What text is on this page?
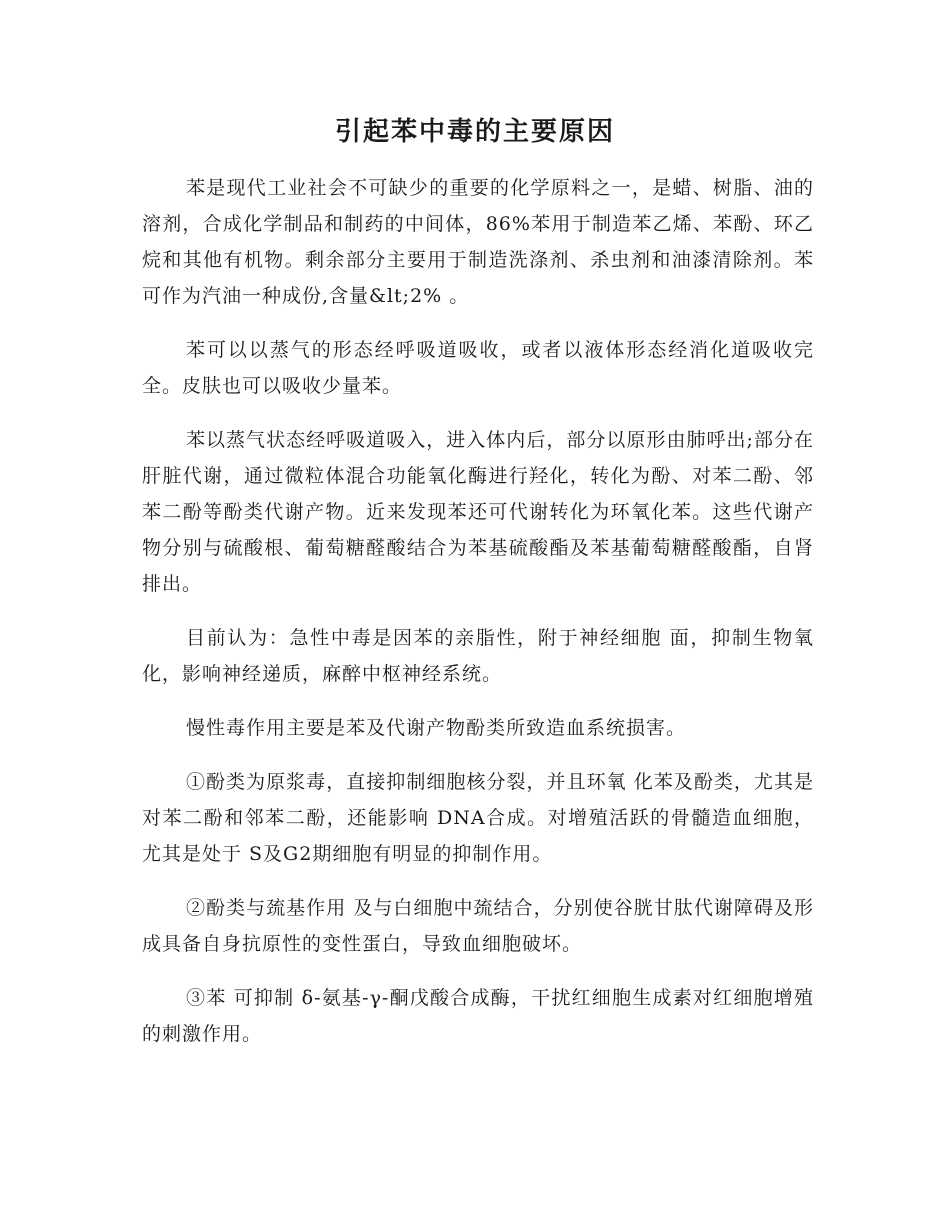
引起苯中毒的主要原因

苯是现代工业社会不可缺少的重要的化学原料之一，是蜡、树脂、油的溶剂，合成化学制品和制药的中间体，86%苯用于制造苯乙烯、苯酚、环乙烷和其他有机物。剩余部分主要用于制造洗涤剂、杀虫剂和油漆清除剂。苯可作为汽油一种成份,含量&lt;2% 。

苯可以以蒸气的形态经呼吸道吸收，或者以液体形态经消化道吸收完全。皮肤也可以吸收少量苯。

苯以蒸气状态经呼吸道吸入，进入体内后，部分以原形由肺呼出;部分在肝脏代谢，通过微粒体混合功能氧化酶进行羟化，转化为酚、对苯二酚、邻苯二酚等酚类代谢产物。近来发现苯还可代谢转化为环氧化苯。这些代谢产物分别与硫酸根、葡萄糖醛酸结合为苯基硫酸酯及苯基葡萄糖醛酸酯，自肾排出。

目前认为：急性中毒是因苯的亲脂性，附于神经细胞 面，抑制生物氧化，影响神经递质，麻醉中枢神经系统。

慢性毒作用主要是苯及代谢产物酚类所致造血系统损害。

①酚类为原浆毒，直接抑制细胞核分裂，并且环氧 化苯及酚类，尤其是对苯二酚和邻苯二酚，还能影响 DNA合成。对增殖活跃的骨髓造血细胞，尤其是处于 S及G2期细胞有明显的抑制作用。

②酚类与巯基作用 及与白细胞中巯结合，分别使谷胱甘肽代谢障碍及形 成具备自身抗原性的变性蛋白，导致血细胞破坏。

③苯 可抑制 δ-氨基-γ-酮戊酸合成酶，干扰红细胞生成素对红细胞增殖的刺激作用。
